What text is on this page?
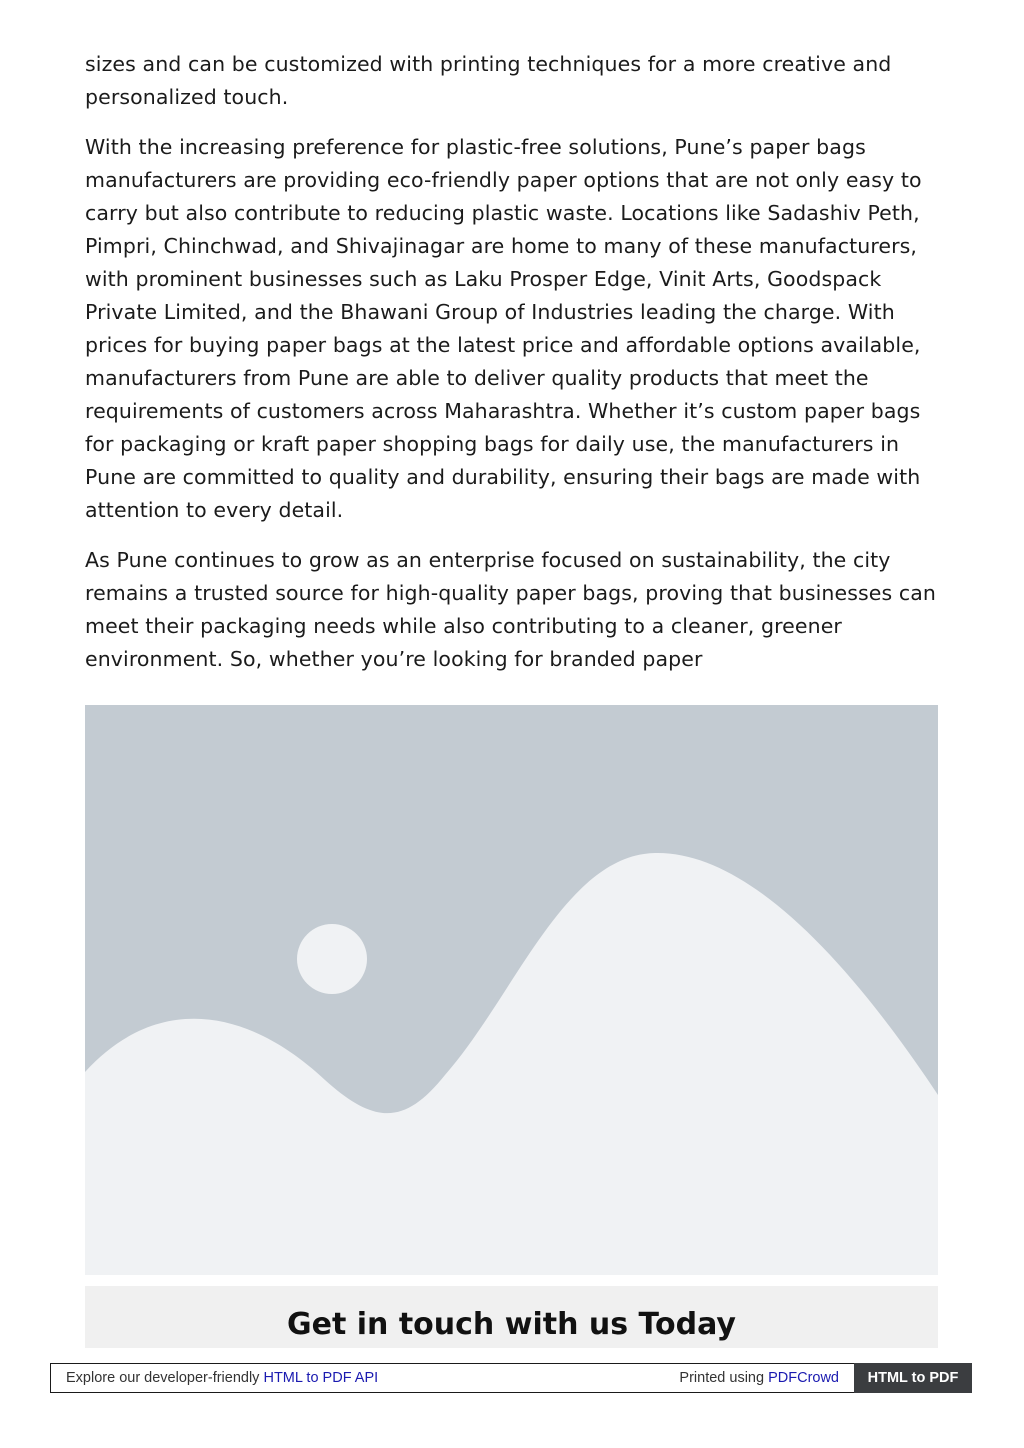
sizes and can be customized with printing techniques for a more creative and personalized touch.

With the increasing preference for plastic-free solutions, Pune’s paper bags manufacturers are providing eco-friendly paper options that are not only easy to carry but also contribute to reducing plastic waste. Locations like Sadashiv Peth, Pimpri, Chinchwad, and Shivajinagar are home to many of these manufacturers, with prominent businesses such as Laku Prosper Edge, Vinit Arts, Goodspack Private Limited, and the Bhawani Group of Industries leading the charge. With prices for buying paper bags at the latest price and affordable options available, manufacturers from Pune are able to deliver quality products that meet the requirements of customers across Maharashtra. Whether it’s custom paper bags for packaging or kraft paper shopping bags for daily use, the manufacturers in Pune are committed to quality and durability, ensuring their bags are made with attention to every detail.

As Pune continues to grow as an enterprise focused on sustainability, the city remains a trusted source for high-quality paper bags, proving that businesses can meet their packaging needs while also contributing to a cleaner, greener environment. So, whether you’re looking for branded paper

Get in touch with us Today
Explore our developer-friendly HTML to PDF API	Printed using PDFCrowd	HTML to PDF
